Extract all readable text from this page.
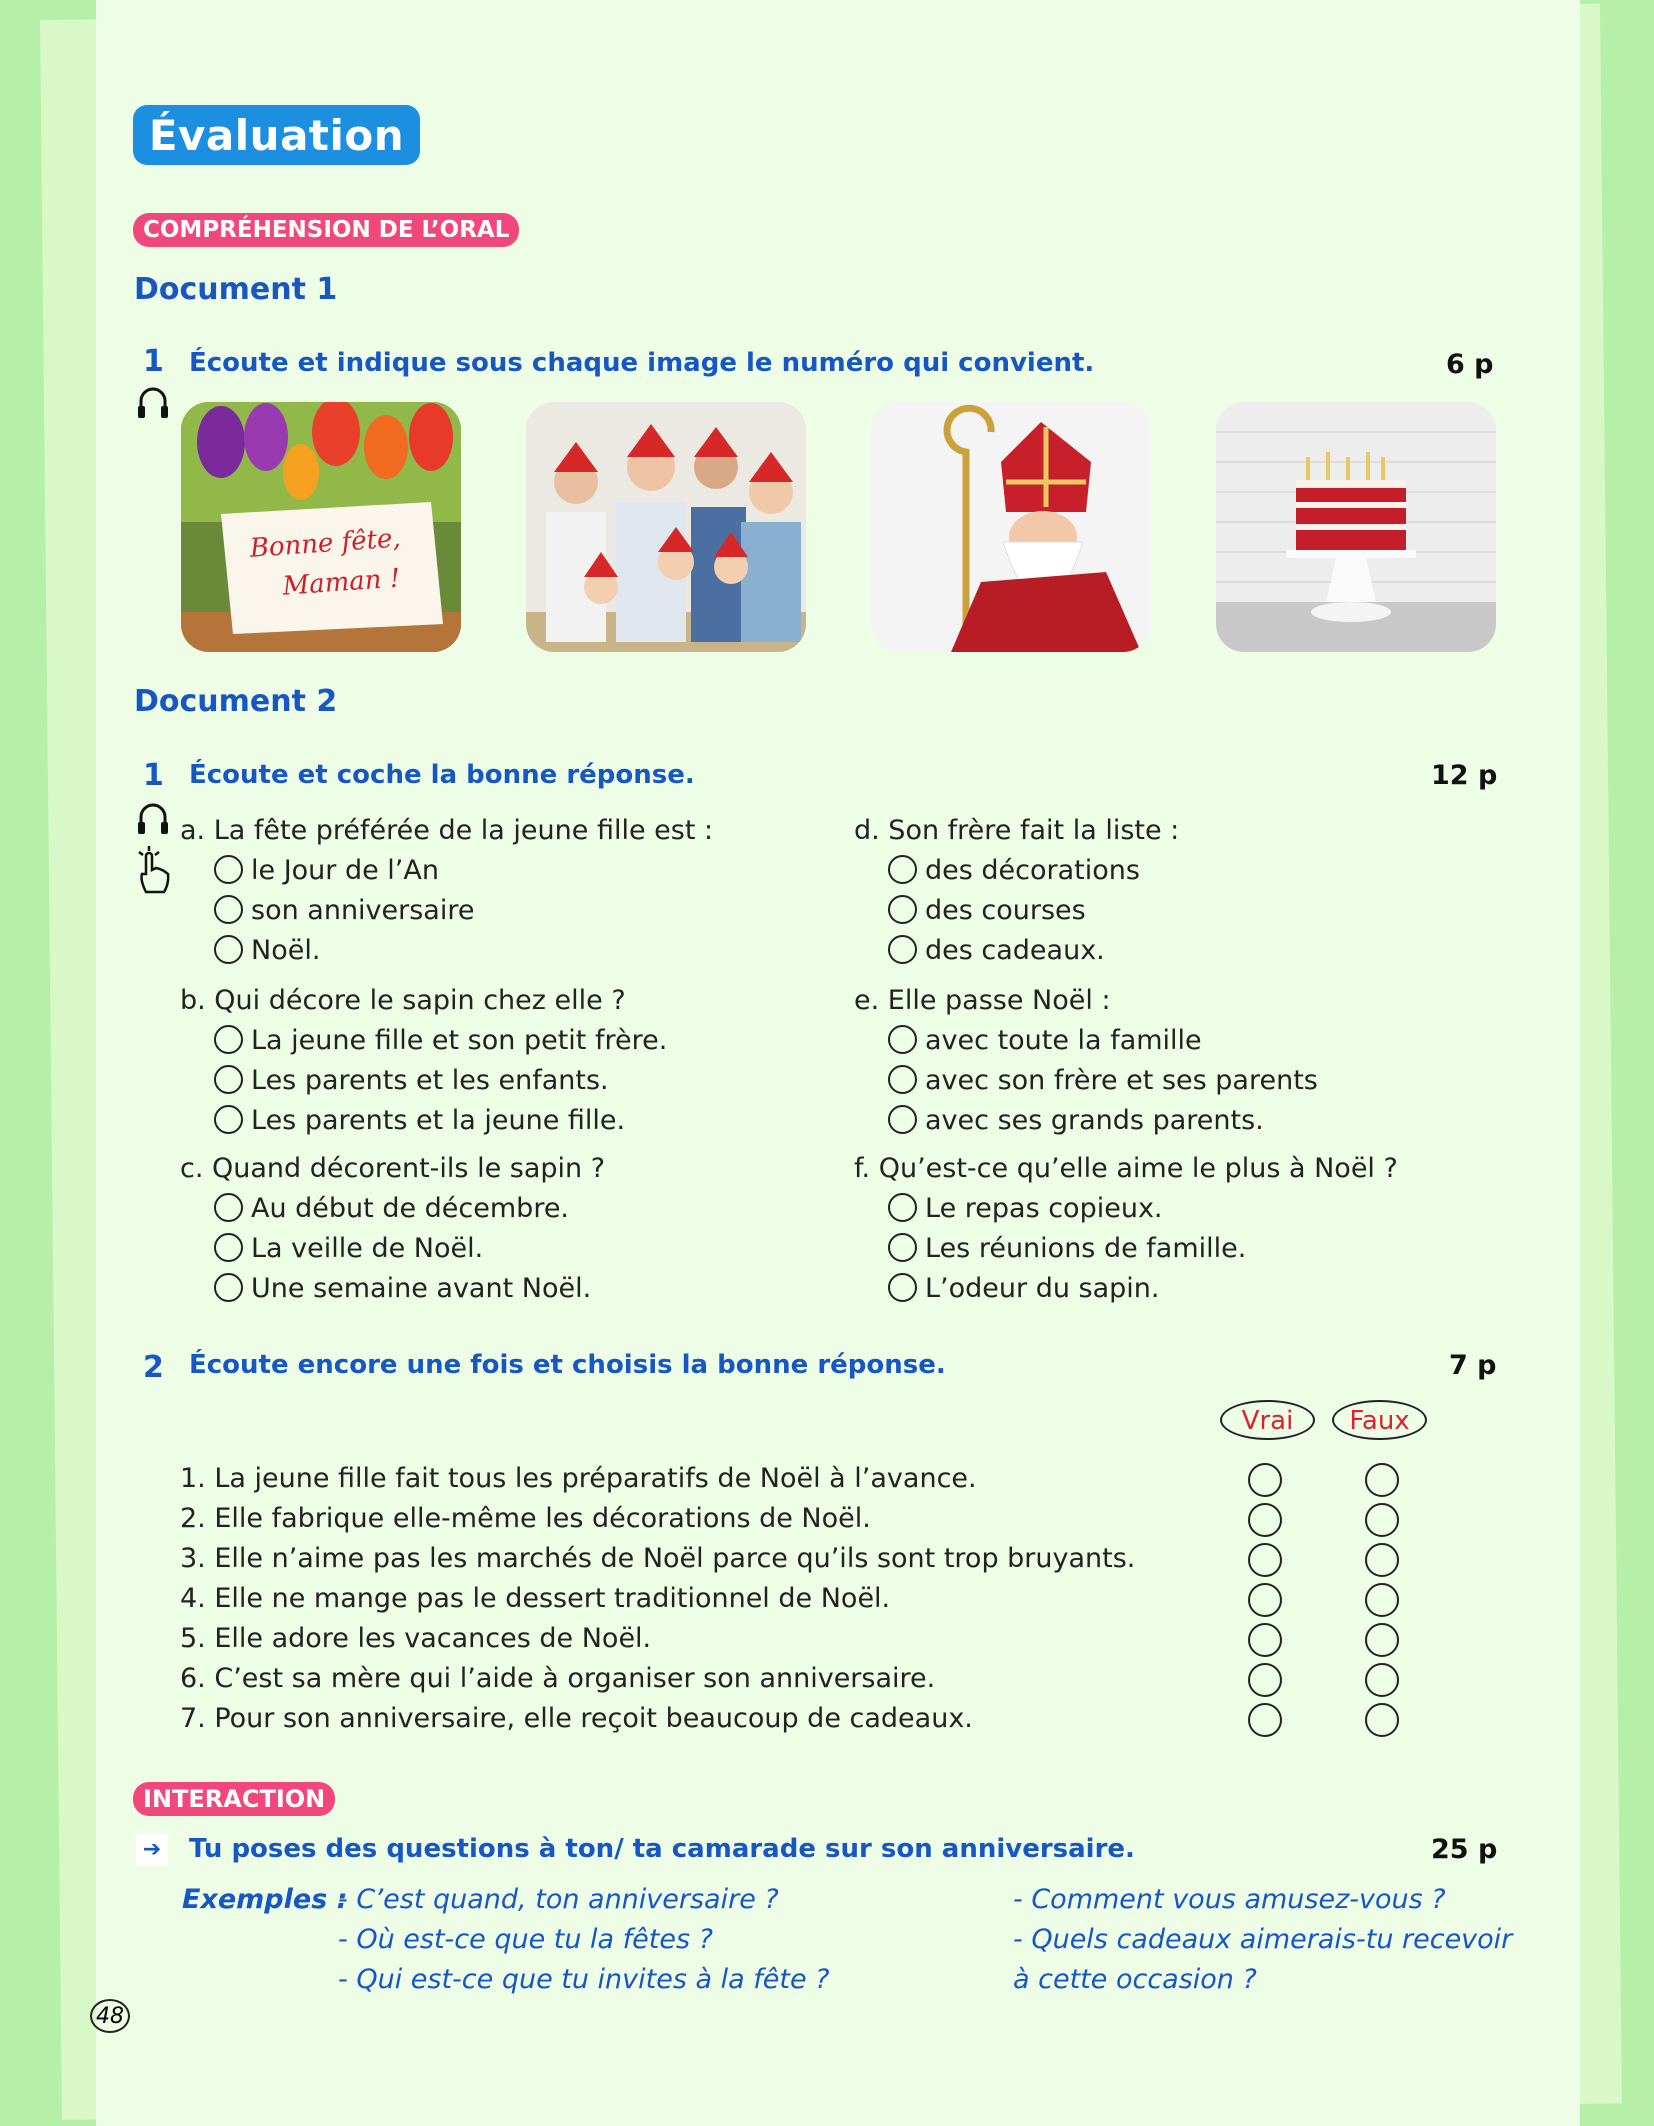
Évaluation
COMPRÉHENSION DE L’ORAL
Document 1
1 Écoute et indique sous chaque image le numéro qui convient.	6 p
Bonne fête,
Maman !
Document 2
1 Écoute et coche la bonne réponse.	12 p
a. La fête préférée de la jeune fille est :
le Jour de l’An
son anniversaire
Noël.
b. Qui décore le sapin chez elle ?
La jeune fille et son petit frère.
Les parents et les enfants.
Les parents et la jeune fille.
c. Quand décorent-ils le sapin ?
Au début de décembre.
La veille de Noël.
Une semaine avant Noël.
d. Son frère fait la liste :
des décorations
des courses
des cadeaux.
e. Elle passe Noël :
avec toute la famille
avec son frère et ses parents
avec ses grands parents.
f. Qu’est-ce qu’elle aime le plus à Noël ?
Le repas copieux.
Les réunions de famille.
L’odeur du sapin.
2 Écoute encore une fois et choisis la bonne réponse.	7 p
Vrai	Faux
1. La jeune fille fait tous les préparatifs de Noël à l’avance.
2. Elle fabrique elle-même les décorations de Noël.
3. Elle n’aime pas les marchés de Noël parce qu’ils sont trop bruyants.
4. Elle ne mange pas le dessert traditionnel de Noël.
5. Elle adore les vacances de Noël.
6. C’est sa mère qui l’aide à organiser son anniversaire.
7. Pour son anniversaire, elle reçoit beaucoup de cadeaux.
INTERACTION
➔ Tu poses des questions à ton/ ta camarade sur son anniversaire.	25 p
Exemples :
- C’est quand, ton anniversaire ?
- Où est-ce que tu la fêtes ?
- Qui est-ce que tu invites à la fête ?
- Comment vous amusez-vous ?
- Quels cadeaux aimerais-tu recevoir
à cette occasion ?
48
